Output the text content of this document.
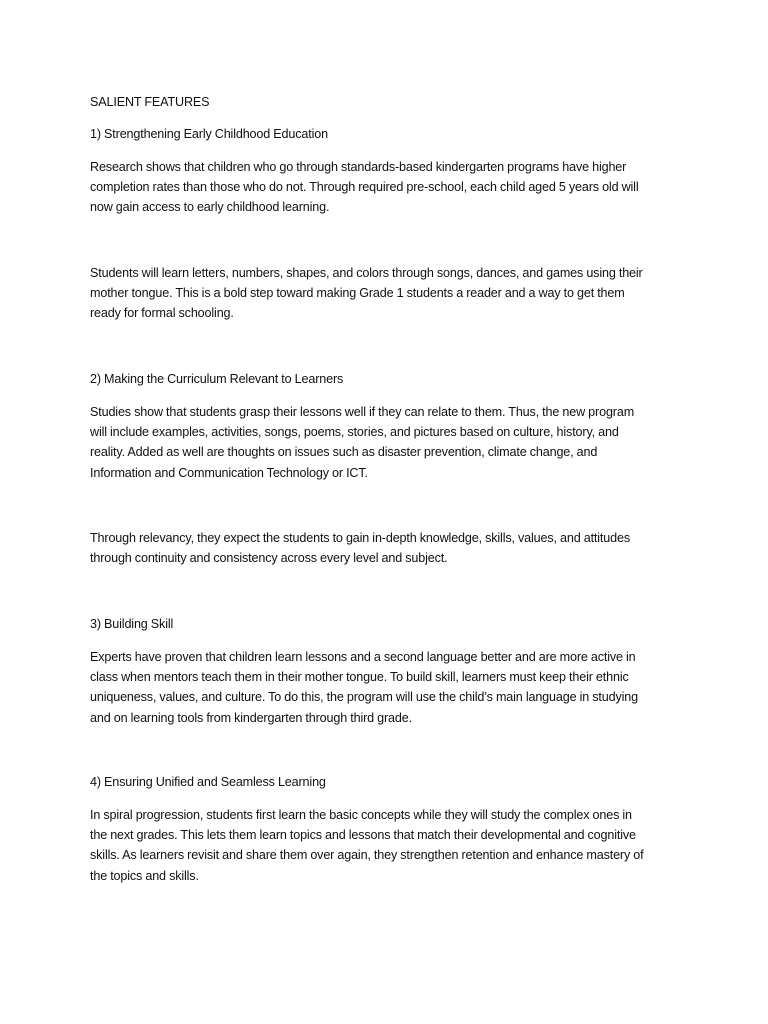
SALIENT FEATURES
1) Strengthening Early Childhood Education
Research shows that children who go through standards-based kindergarten programs have higher
completion rates than those who do not. Through required pre-school, each child aged 5 years old will
now gain access to early childhood learning.
Students will learn letters, numbers, shapes, and colors through songs, dances, and games using their
mother tongue. This is a bold step toward making Grade 1 students a reader and a way to get them
ready for formal schooling.
2) Making the Curriculum Relevant to Learners
Studies show that students grasp their lessons well if they can relate to them. Thus, the new program
will include examples, activities, songs, poems, stories, and pictures based on culture, history, and
reality. Added as well are thoughts on issues such as disaster prevention, climate change, and
Information and Communication Technology or ICT.
Through relevancy, they expect the students to gain in-depth knowledge, skills, values, and attitudes
through continuity and consistency across every level and subject.
3) Building Skill
Experts have proven that children learn lessons and a second language better and are more active in
class when mentors teach them in their mother tongue. To build skill, learners must keep their ethnic
uniqueness, values, and culture. To do this, the program will use the child’s main language in studying
and on learning tools from kindergarten through third grade.
4) Ensuring Unified and Seamless Learning
In spiral progression, students first learn the basic concepts while they will study the complex ones in
the next grades. This lets them learn topics and lessons that match their developmental and cognitive
skills. As learners revisit and share them over again, they strengthen retention and enhance mastery of
the topics and skills.
